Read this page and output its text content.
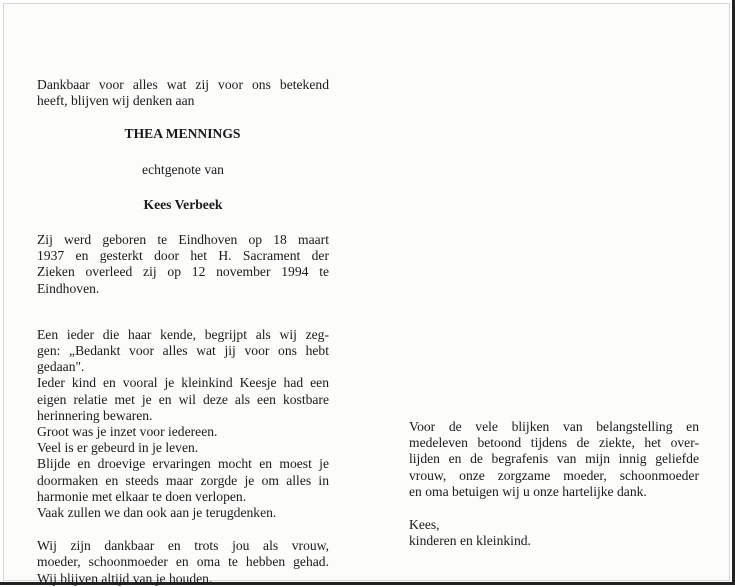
Dankbaar voor alles wat zij voor ons betekend
heeft, blijven wij denken aan
THEA MENNINGS
echtgenote van
Kees Verbeek
Zij werd geboren te Eindhoven op 18 maart
1937 en gesterkt door het H. Sacrament der
Zieken overleed zij op 12 november 1994 te
Eindhoven.
Een ieder die haar kende, begrijpt als wij zeg-
gen: „Bedankt voor alles wat jij voor ons hebt
gedaan".
Ieder kind en vooral je kleinkind Keesje had een
eigen relatie met je en wil deze als een kostbare
herinnering bewaren.
Groot was je inzet voor iedereen.
Veel is er gebeurd in je leven.
Blijde en droevige ervaringen mocht en moest je
doormaken en steeds maar zorgde je om alles in
harmonie met elkaar te doen verlopen.
Vaak zullen we dan ook aan je terugdenken.
Wij zijn dankbaar en trots jou als vrouw,
moeder, schoonmoeder en oma te hebben gehad.
Wij blijven altijd van je houden.
Voor de vele blijken van belangstelling en
medeleven betoond tijdens de ziekte, het over-
lijden en de begrafenis van mijn innig geliefde
vrouw, onze zorgzame moeder, schoonmoeder
en oma betuigen wij u onze hartelijke dank.
Kees,
kinderen en kleinkind.
